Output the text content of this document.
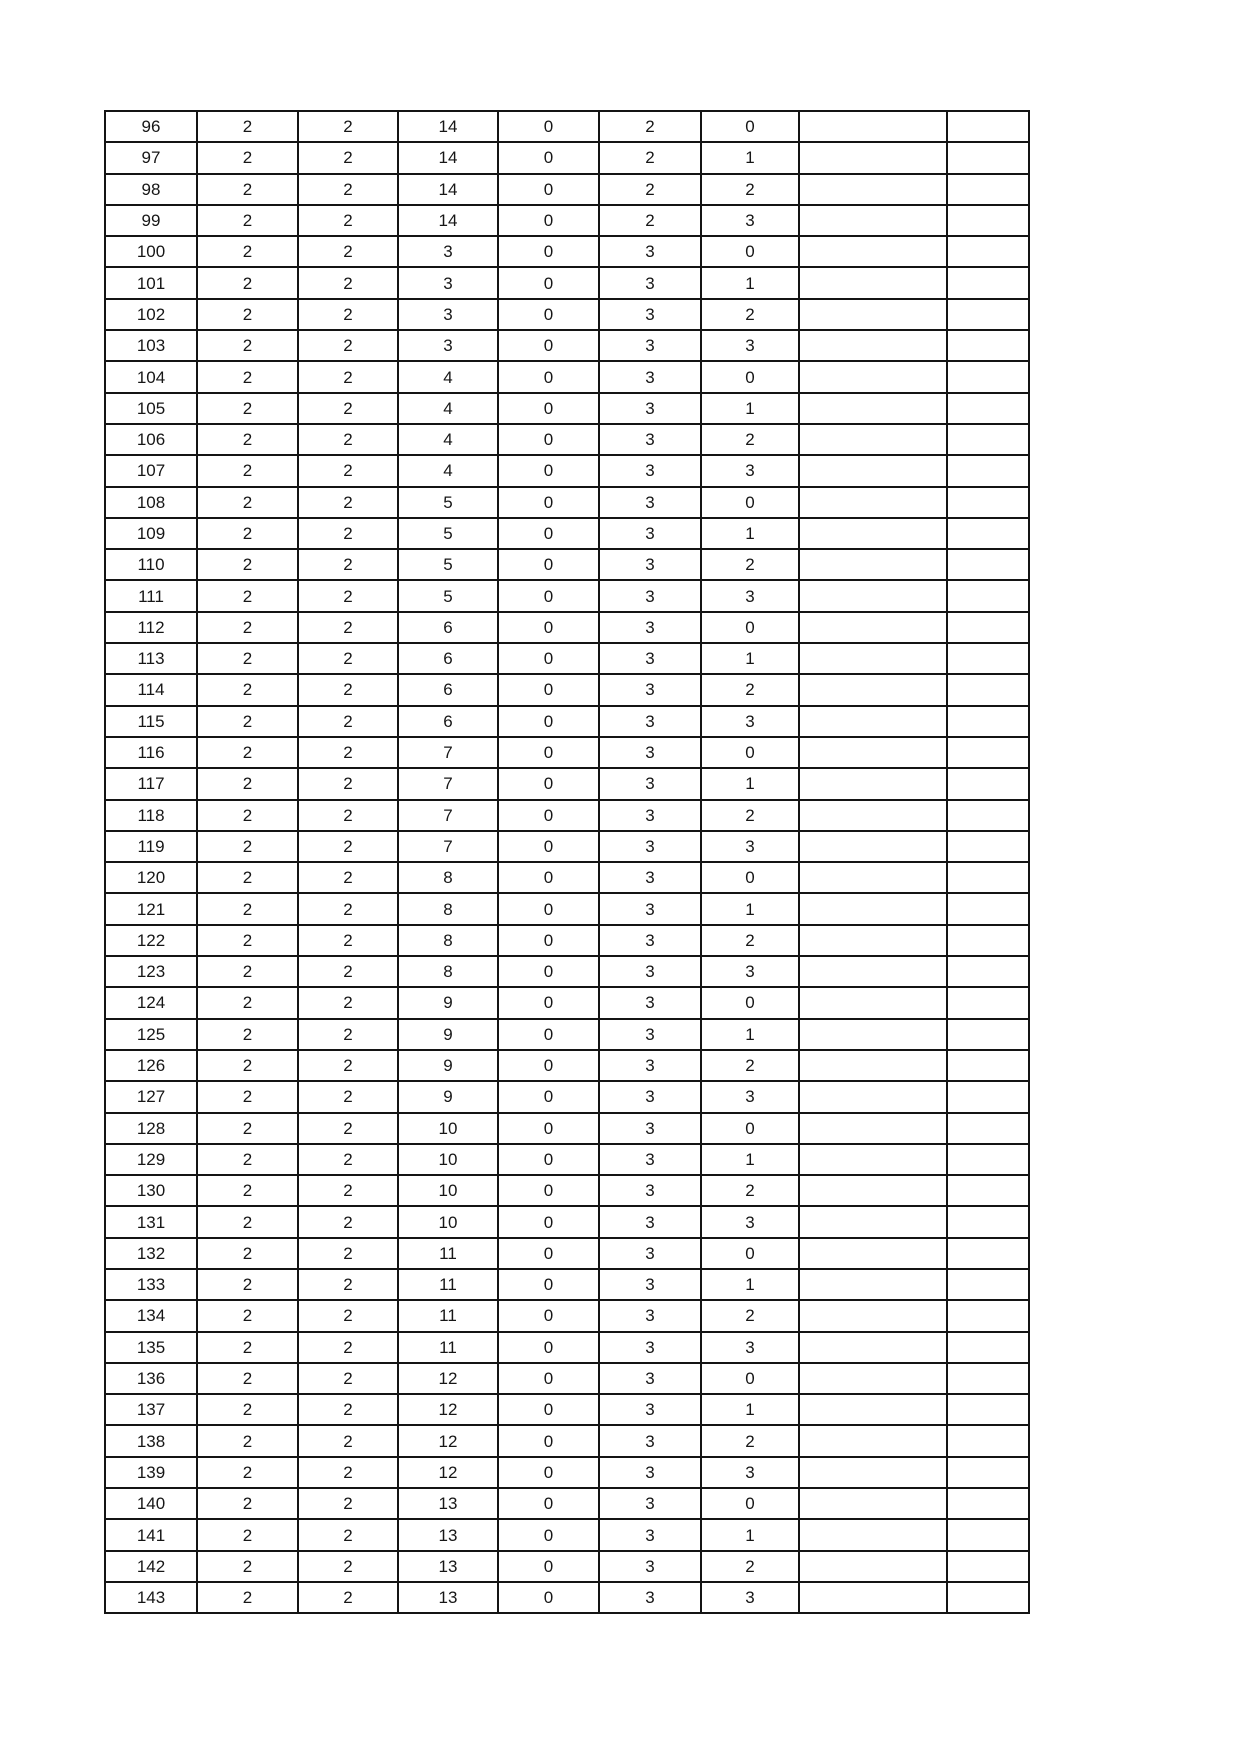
96	2	2	14	0	2	0		
97	2	2	14	0	2	1		
98	2	2	14	0	2	2		
99	2	2	14	0	2	3		
100	2	2	3	0	3	0		
101	2	2	3	0	3	1		
102	2	2	3	0	3	2		
103	2	2	3	0	3	3		
104	2	2	4	0	3	0		
105	2	2	4	0	3	1		
106	2	2	4	0	3	2		
107	2	2	4	0	3	3		
108	2	2	5	0	3	0		
109	2	2	5	0	3	1		
110	2	2	5	0	3	2		
111	2	2	5	0	3	3		
112	2	2	6	0	3	0		
113	2	2	6	0	3	1		
114	2	2	6	0	3	2		
115	2	2	6	0	3	3		
116	2	2	7	0	3	0		
117	2	2	7	0	3	1		
118	2	2	7	0	3	2		
119	2	2	7	0	3	3		
120	2	2	8	0	3	0		
121	2	2	8	0	3	1		
122	2	2	8	0	3	2		
123	2	2	8	0	3	3		
124	2	2	9	0	3	0		
125	2	2	9	0	3	1		
126	2	2	9	0	3	2		
127	2	2	9	0	3	3		
128	2	2	10	0	3	0		
129	2	2	10	0	3	1		
130	2	2	10	0	3	2		
131	2	2	10	0	3	3		
132	2	2	11	0	3	0		
133	2	2	11	0	3	1		
134	2	2	11	0	3	2		
135	2	2	11	0	3	3		
136	2	2	12	0	3	0		
137	2	2	12	0	3	1		
138	2	2	12	0	3	2		
139	2	2	12	0	3	3		
140	2	2	13	0	3	0		
141	2	2	13	0	3	1		
142	2	2	13	0	3	2		
143	2	2	13	0	3	3		
